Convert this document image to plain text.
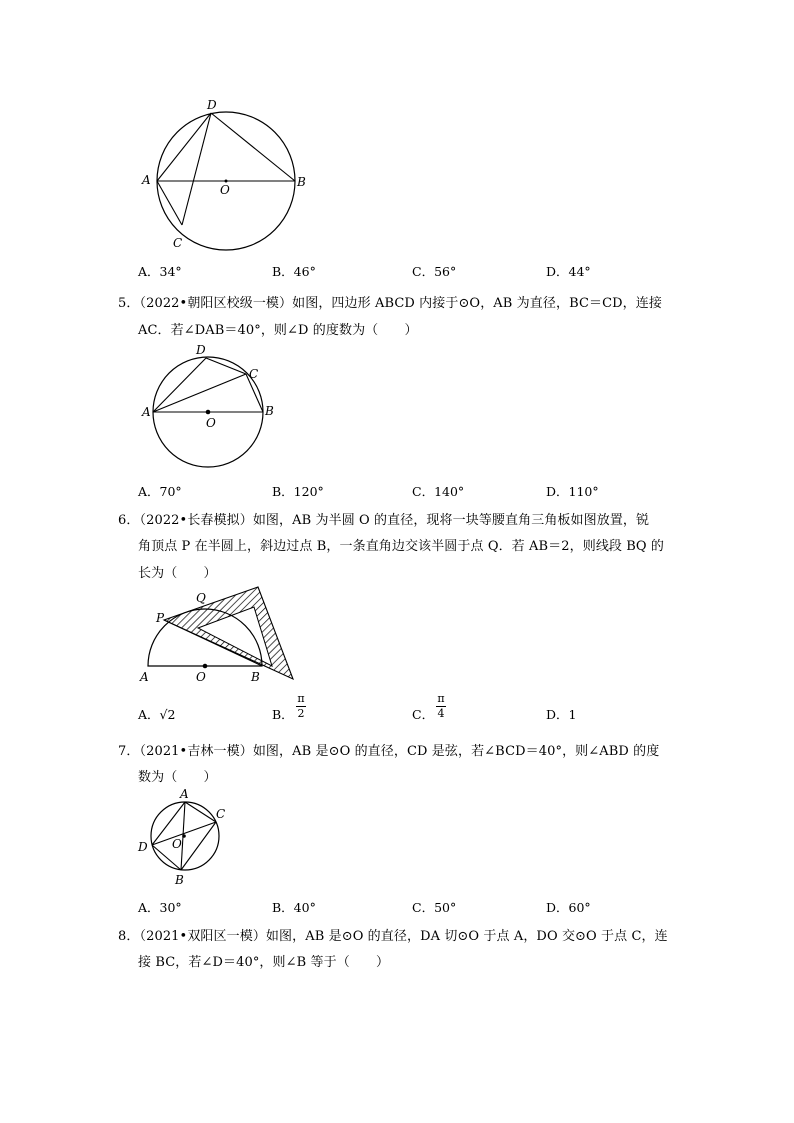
D
A
O
B
C
A．34°	B．46°	C．56°	D．44°
5．（2022•朝阳区校级一模）如图，四边形 ABCD 内接于⊙O，AB 为直径，BC＝CD，连接
AC．若∠DAB＝40°，则∠D 的度数为（　　）
D
C
A	B
O
A．70°	B．120°	C．140°	D．110°
6．（2022•长春模拟）如图，AB 为半圆 O 的直径，现将一块等腰直角三角板如图放置，锐
角顶点 P 在半圆上，斜边过点 B，一条直角边交该半圆于点 Q．若 AB＝2，则线段 BQ 的
长为（　　）
Q
P
A	O	B
A．√2	B．
π
2	C．
π
4	D．1
7．（2021•吉林一模）如图，AB 是⊙O 的直径，CD 是弦，若∠BCD＝40°，则∠ABD 的度
数为（　　）
A
C
O
D
B
A．30°	B．40°	C．50°	D．60°
8．（2021•双阳区一模）如图，AB 是⊙O 的直径，DA 切⊙O 于点 A，DO 交⊙O 于点 C，连
接 BC，若∠D＝40°，则∠B 等于（　　）
